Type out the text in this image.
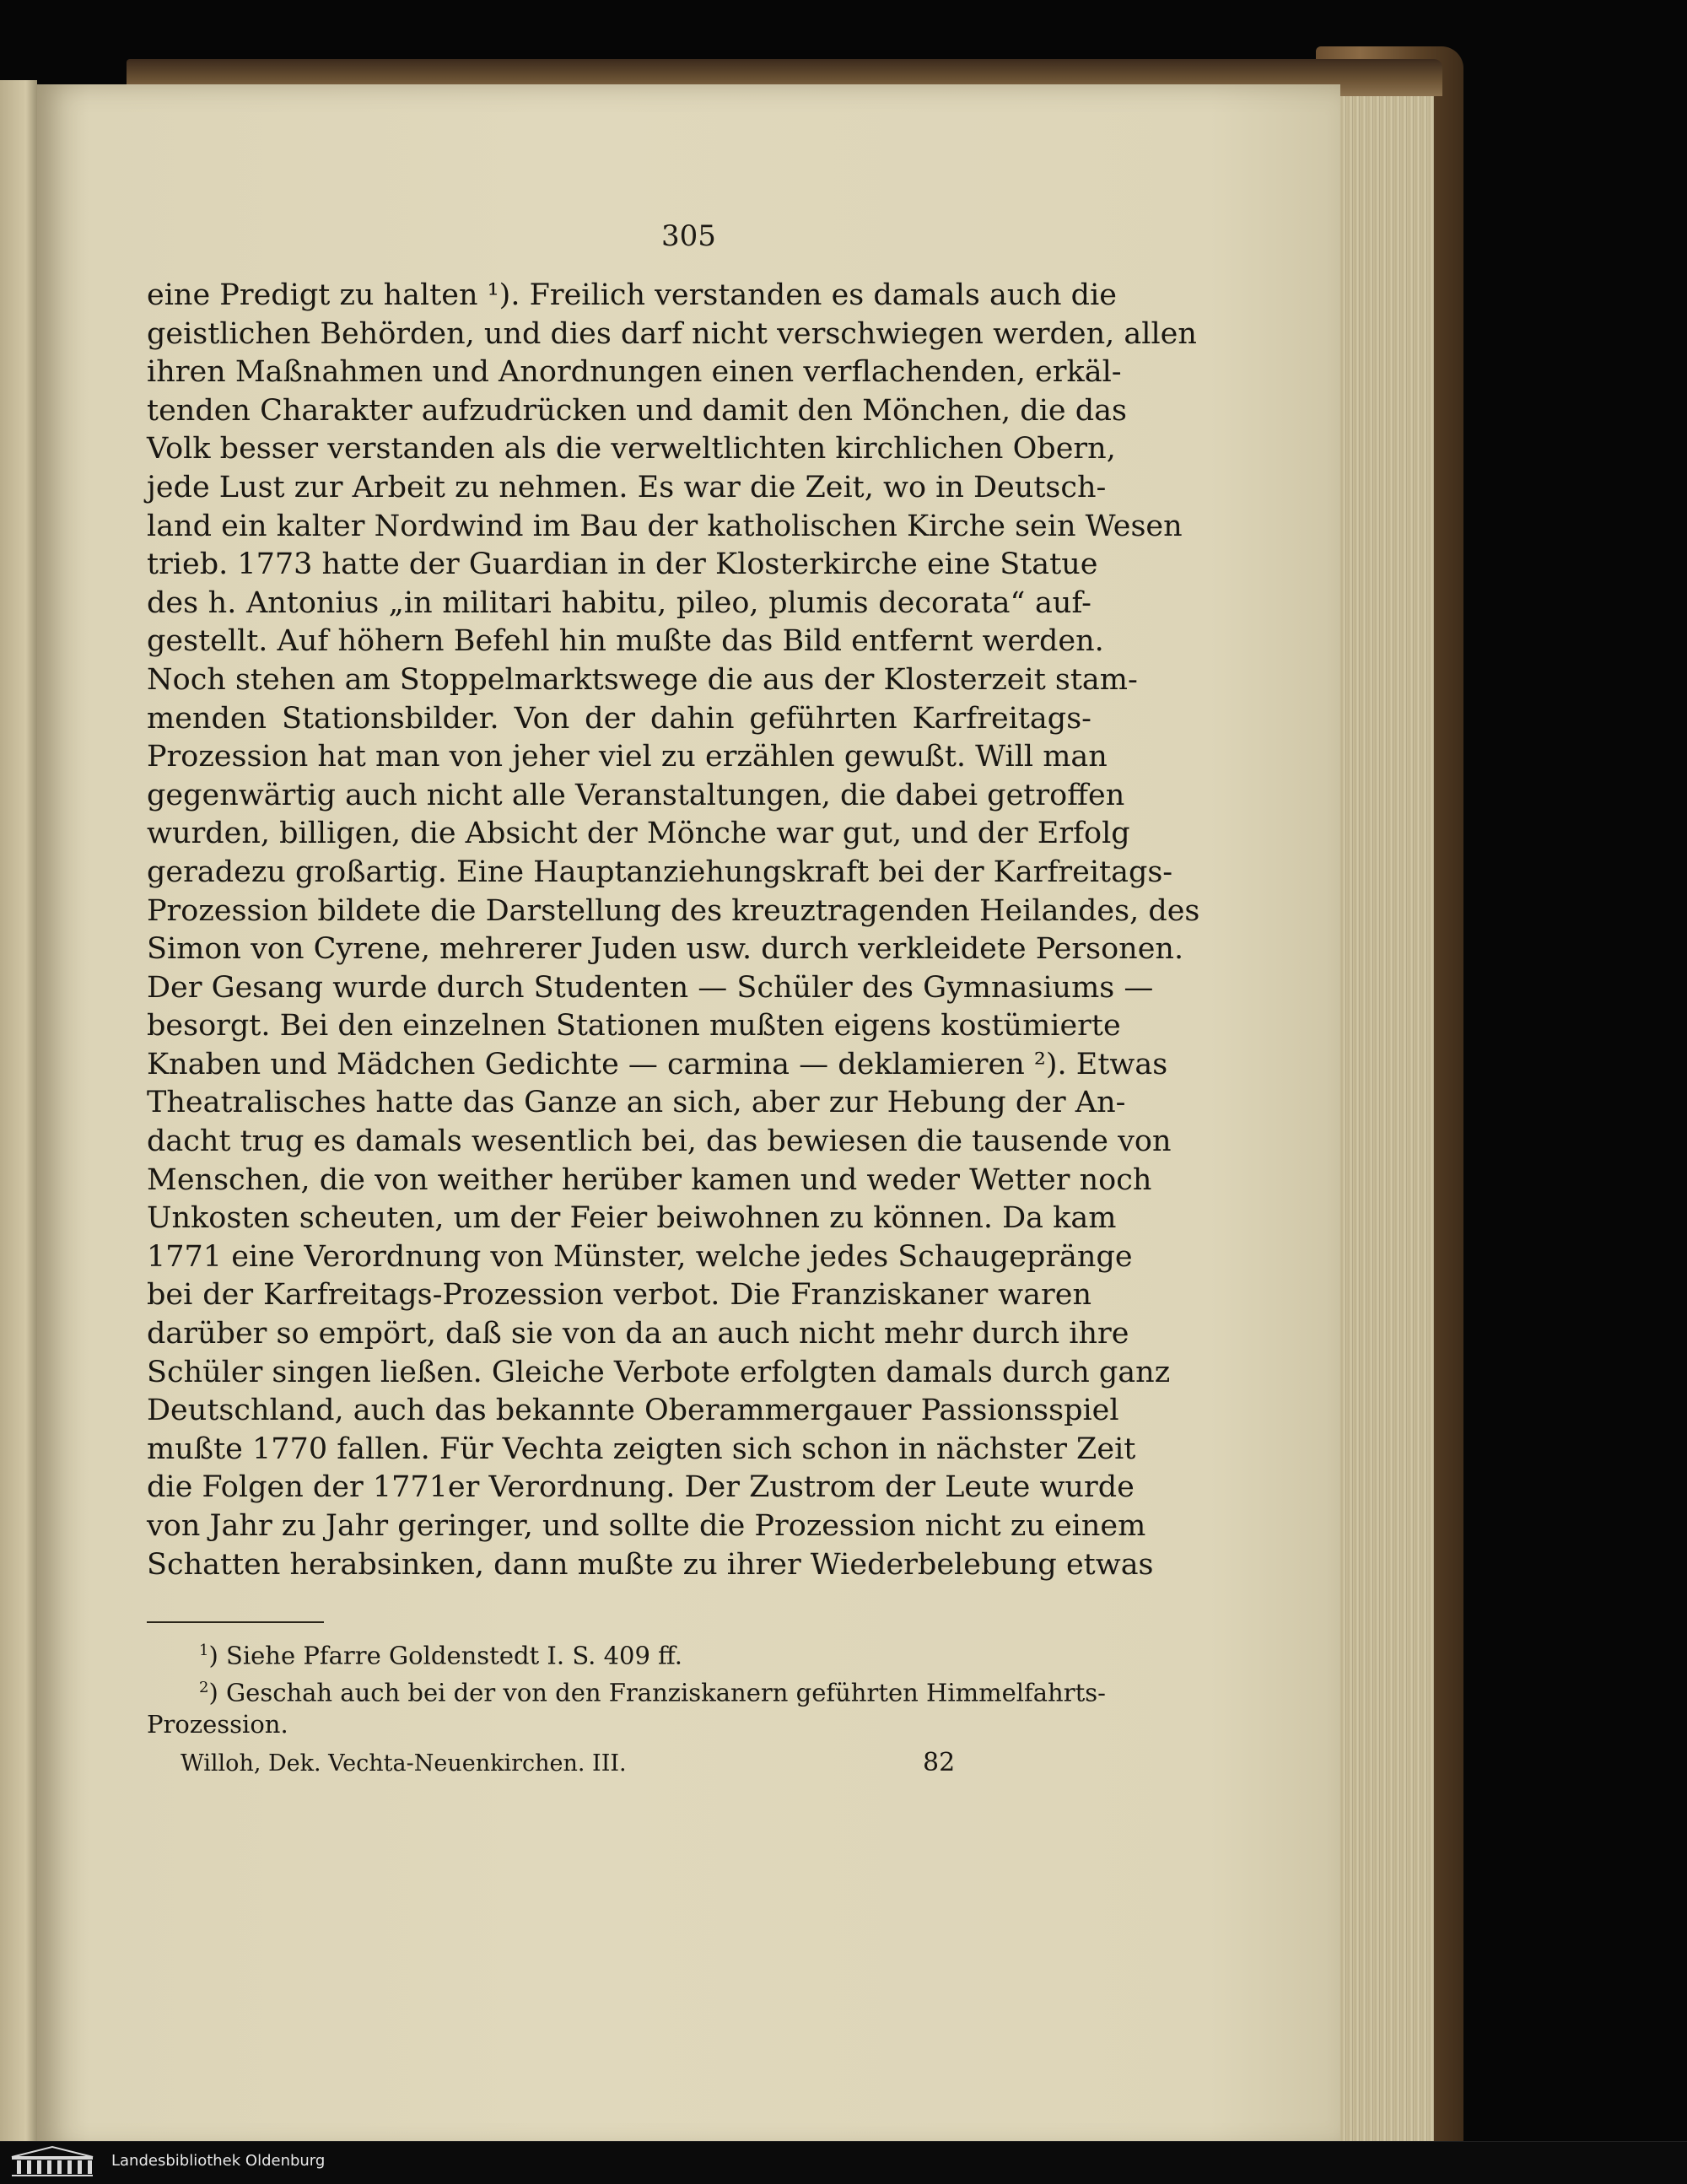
305

eine Predigt zu halten ¹). Freilich verstanden es damals auch die
geistlichen Behörden, und dies darf nicht verschwiegen werden, allen
ihren Maßnahmen und Anordnungen einen verflachenden, erkäl-
tenden Charakter aufzudrücken und damit den Mönchen, die das
Volk besser verstanden als die verweltlichten kirchlichen Obern,
jede Lust zur Arbeit zu nehmen. Es war die Zeit, wo in Deutsch-
land ein kalter Nordwind im Bau der katholischen Kirche sein Wesen
trieb. 1773 hatte der Guardian in der Klosterkirche eine Statue
des h. Antonius „in militari habitu, pileo, plumis decorata“ auf-
gestellt. Auf höhern Befehl hin mußte das Bild entfernt werden.
Noch stehen am Stoppelmarktswege die aus der Klosterzeit stam-
menden Stationsbilder. Von der dahin geführten Karfreitags-
Prozession hat man von jeher viel zu erzählen gewußt. Will man
gegenwärtig auch nicht alle Veranstaltungen, die dabei getroffen
wurden, billigen, die Absicht der Mönche war gut, und der Erfolg
geradezu großartig. Eine Hauptanziehungskraft bei der Karfreitags-
Prozession bildete die Darstellung des kreuztragenden Heilandes, des
Simon von Cyrene, mehrerer Juden usw. durch verkleidete Personen.
Der Gesang wurde durch Studenten — Schüler des Gymnasiums —
besorgt. Bei den einzelnen Stationen mußten eigens kostümierte
Knaben und Mädchen Gedichte — carmina — deklamieren ²). Etwas
Theatralisches hatte das Ganze an sich, aber zur Hebung der An-
dacht trug es damals wesentlich bei, das bewiesen die tausende von
Menschen, die von weither herüber kamen und weder Wetter noch
Unkosten scheuten, um der Feier beiwohnen zu können. Da kam
1771 eine Verordnung von Münster, welche jedes Schaugepränge
bei der Karfreitags-Prozession verbot. Die Franziskaner waren
darüber so empört, daß sie von da an auch nicht mehr durch ihre
Schüler singen ließen. Gleiche Verbote erfolgten damals durch ganz
Deutschland, auch das bekannte Oberammergauer Passionsspiel
mußte 1770 fallen. Für Vechta zeigten sich schon in nächster Zeit
die Folgen der 1771er Verordnung. Der Zustrom der Leute wurde
von Jahr zu Jahr geringer, und sollte die Prozession nicht zu einem
Schatten herabsinken, dann mußte zu ihrer Wiederbelebung etwas
$^1$) Siehe Pfarre Goldenstedt I. S. 409 ff.
$^2$) Geschah auch bei der von den Franziskanern geführten Himmelfahrts-
Prozession.

Willoh, Dek. Vechta-Neuenkirchen. III.	82

Landesbibliothek Oldenburg
